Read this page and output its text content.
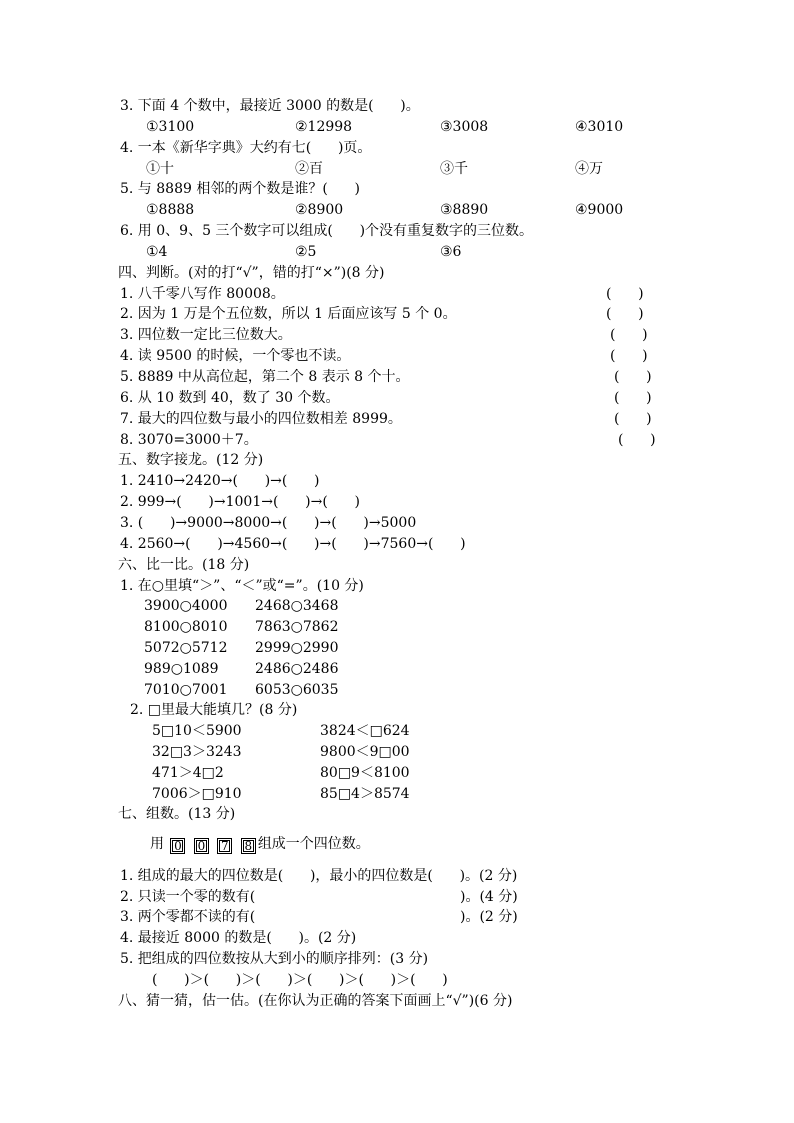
3. 下面 4 个数中，最接近 3000 的数是(      )。
①3100	②12998	③3008	④3010
4. 一本《新华字典》大约有七(      )页。
①十	②百	③千	④万
5. 与 8889 相邻的两个数是谁？(      )
①8888	②8900	③8890	④9000
6. 用 0、9、5 三个数字可以组成(      )个没有重复数字的三位数。
①4	②5	③6
四、判断。(对的打“√”，错的打“×”)(8 分)
1. 八千零八写作 80008。	(      )
2. 因为 1 万是个五位数，所以 1 后面应该写 5 个 0。	(      )
3. 四位数一定比三位数大。	(      )
4. 读 9500 的时候，一个零也不读。	(      )
5. 8889 中从高位起，第二个 8 表示 8 个十。	(      )
6. 从 10 数到 40，数了 30 个数。	(      )
7. 最大的四位数与最小的四位数相差 8999。	(      )
8. 3070=3000＋7。	(      )
五、数字接龙。(12 分)
1. 2410→2420→(      )→(      )
2. 999→(      )→1001→(      )→(      )
3. (      )→9000→8000→(      )→(      )→5000
4. 2560→(      )→4560→(      )→(      )→7560→(      )
六、比一比。(18 分)
1. 在○里填“＞”、“＜”或“=”。(10 分)
3900○4000 2468○3468
8100○8010 7863○7862
5072○5712 2999○2990
989○1089	2486○2486
7010○7001 6053○6035
2. □里最大能填几？(8 分)
5□10＜5900	3824＜□624
32□3＞3243	9800＜9□00
471＞4□2	80□9＜8100
7006＞□910	85□4＞8574
七、组数。(13 分)
用 0 0 7 8 组成一个四位数。
1. 组成的最大的四位数是(      )，最小的四位数是(      )。(2 分)
2. 只读一个零的数有(                                              )。(4 分)
3. 两个零都不读的有(                                              )。(2 分)
4. 最接近 8000 的数是(      )。(2 分)
5. 把组成的四位数按从大到小的顺序排列：(3 分)
(      )＞(      )＞(      )＞(      )＞(      )＞(      )
八、猜一猜，估一估。(在你认为正确的答案下面画上“√”)(6 分)
